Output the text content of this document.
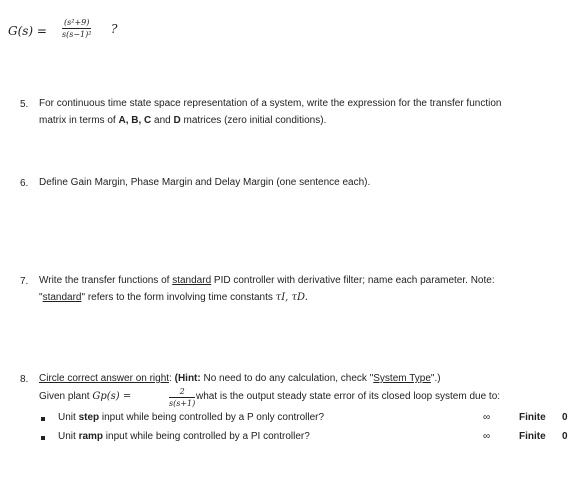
G(s) =
(s²+9)
s(s−1)² ?
5. For continuous time state space representation of a system, write the expression for the transfer function
matrix in terms of A, B, C and D matrices (zero initial conditions).
6. Define Gain Margin, Phase Margin and Delay Margin (one sentence each).
7. Write the transfer functions of standard PID controller with derivative filter; name each parameter. Note:
"standard" refers to the form involving time constants τI, τD.
8. Circle correct answer on right: (Hint: No need to do any calculation, check "System Type".)
Given plant Gp(s) =	2
s(s+1)
what is the output steady state error of its closed loop system due to:
Unit step input while being controlled by a P only controller?	∞	Finite 0
Unit ramp input while being controlled by a PI controller?	∞	Finite 0
